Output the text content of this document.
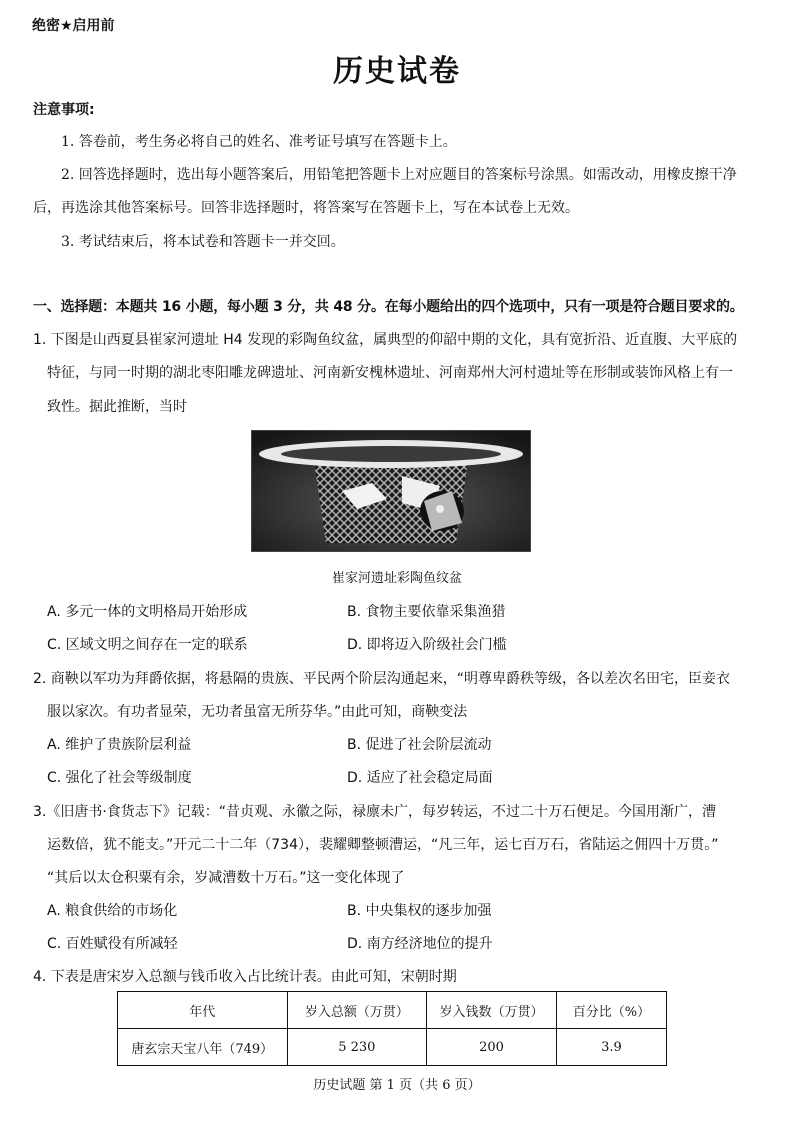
绝密★启用前
历史试卷
注意事项:
1. 答卷前，考生务必将自己的姓名、准考证号填写在答题卡上。
2. 回答选择题时，选出每小题答案后，用铅笔把答题卡上对应题目的答案标号涂黑。如需改动，用橡皮擦干净
后，再选涂其他答案标号。回答非选择题时，将答案写在答题卡上，写在本试卷上无效。
3. 考试结束后，将本试卷和答题卡一并交回。
一、选择题：本题共 16 小题，每小题 3 分，共 48 分。在每小题给出的四个选项中，只有一项是符合题目要求的。
1. 下图是山西夏县崔家河遗址 H4 发现的彩陶鱼纹盆，属典型的仰韶中期的文化，具有宽折沿、近直腹、大平底的
特征，与同一时期的湖北枣阳雕龙碑遗址、河南新安槐林遗址、河南郑州大河村遗址等在形制或装饰风格上有一
致性。据此推断，当时
崔家河遗址彩陶鱼纹盆
A. 多元一体的文明格局开始形成	B. 食物主要依靠采集渔猎
C. 区域文明之间存在一定的联系	D. 即将迈入阶级社会门槛
2. 商鞅以军功为拜爵依据，将悬隔的贵族、平民两个阶层沟通起来，“明尊卑爵秩等级，各以差次名田宅，臣妾衣
服以家次。有功者显荣，无功者虽富无所芬华。”由此可知，商鞅变法
A. 维护了贵族阶层利益	B. 促进了社会阶层流动
C. 强化了社会等级制度	D. 适应了社会稳定局面
3.《旧唐书·食货志下》记载：“昔贞观、永徽之际，禄廪未广，每岁转运，不过二十万石便足。今国用渐广，漕
运数倍，犹不能支。”开元二十二年（734），裴耀卿整顿漕运，“凡三年，运七百万石，省陆运之佣四十万贯。”
“其后以太仓积粟有余，岁减漕数十万石。”这一变化体现了
A. 粮食供给的市场化	B. 中央集权的逐步加强
C. 百姓赋役有所减轻	D. 南方经济地位的提升
4. 下表是唐宋岁入总额与钱币收入占比统计表。由此可知，宋朝时期
年代	岁入总额（万贯）	岁入钱数（万贯）	百分比（%）
唐玄宗天宝八年（749）	5 230	200	3.9
历史试题 第 1 页（共 6 页）
